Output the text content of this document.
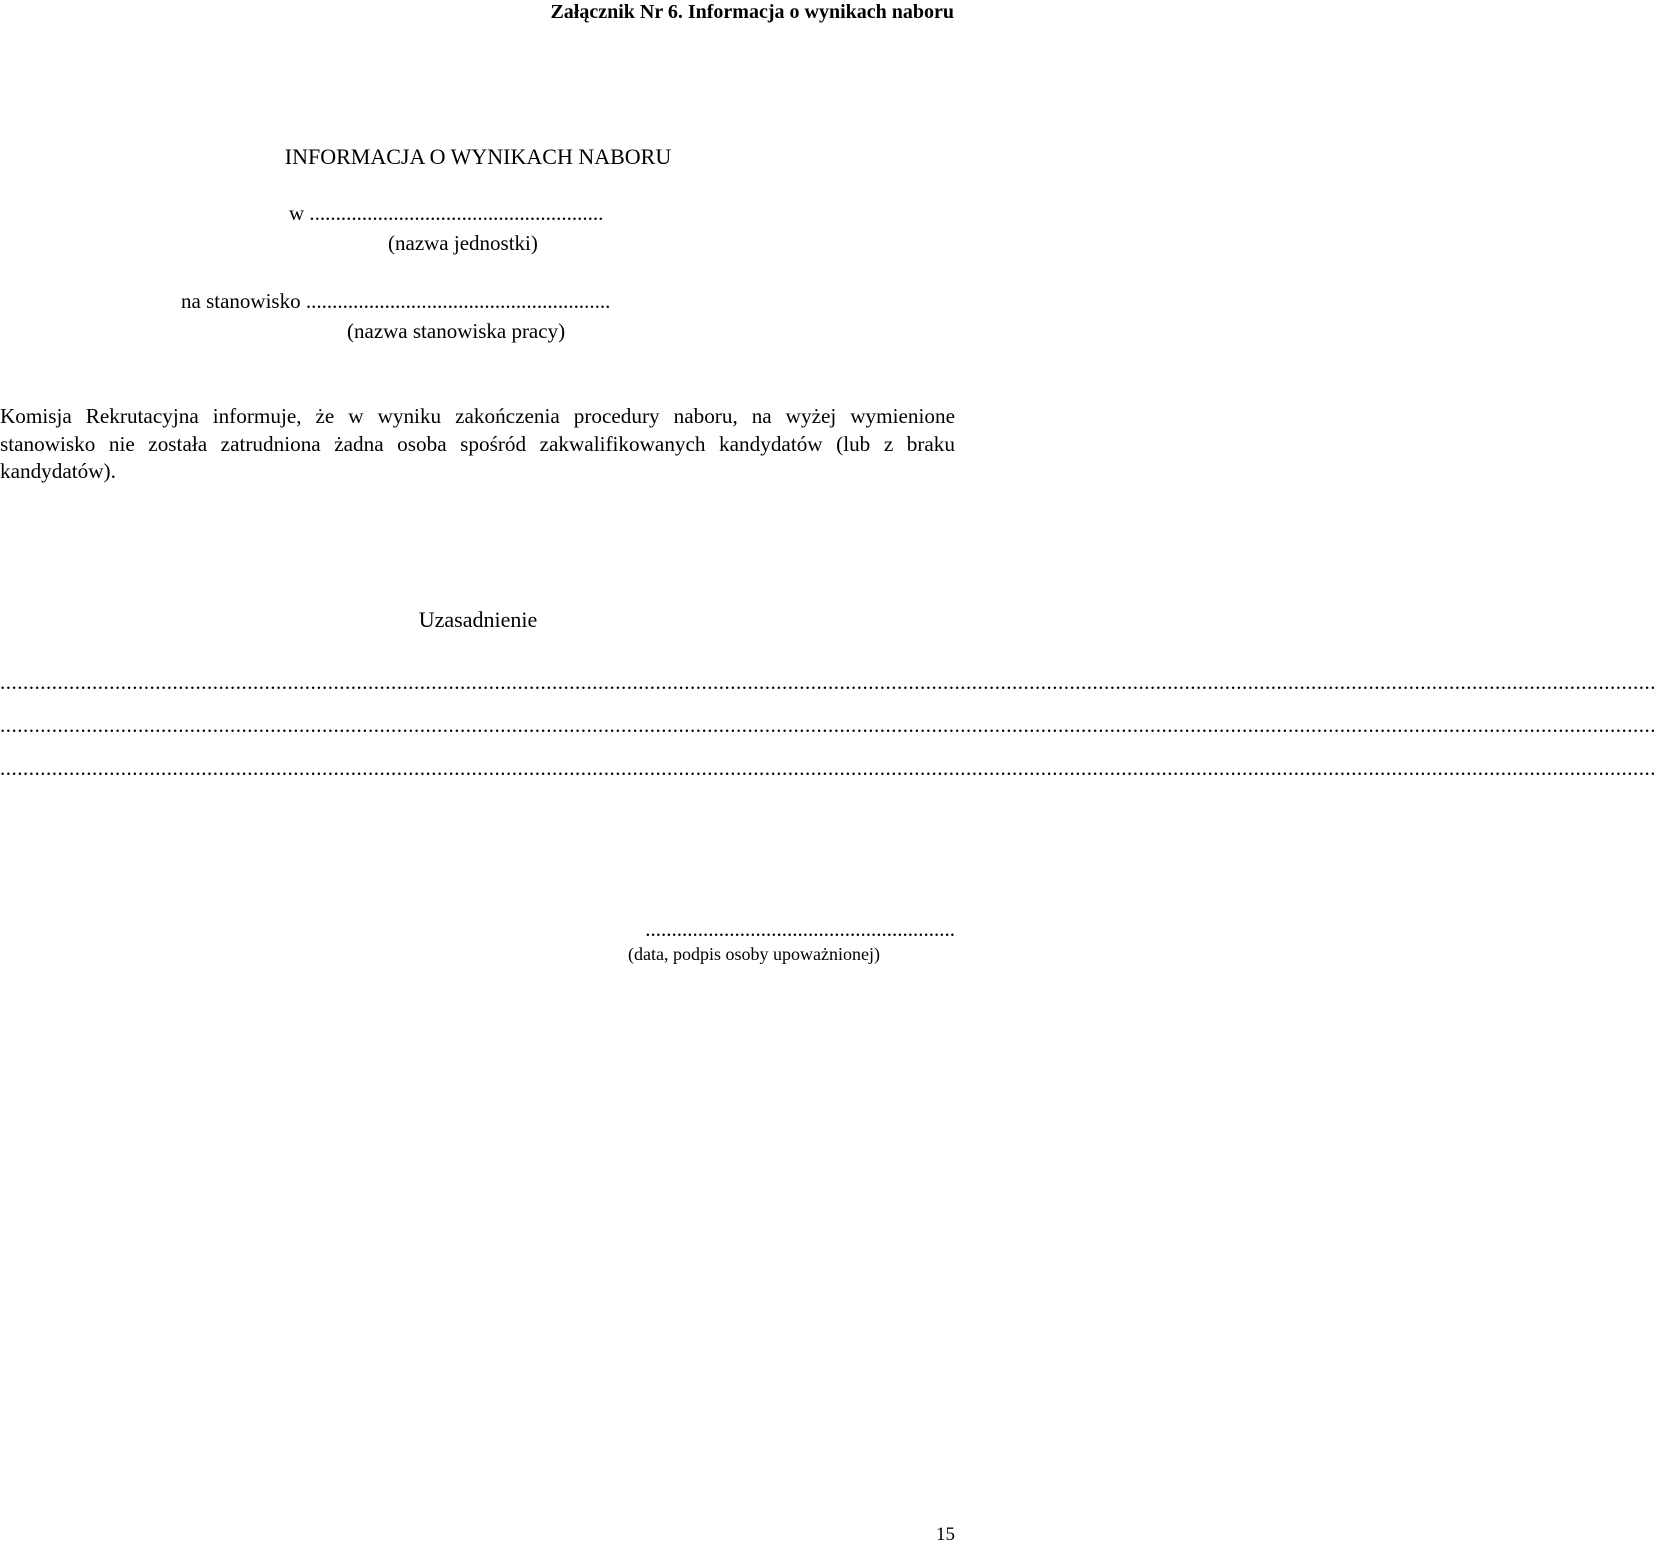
Załącznik Nr 6. Informacja o wynikach naboru
INFORMACJA O WYNIKACH NABORU
w ........................................................
(nazwa jednostki)
na stanowisko ..........................................................
(nazwa stanowiska pracy)
Komisja Rekrutacyjna informuje, że w wyniku zakończenia procedury naboru, na wyżej wymienione stanowisko nie została zatrudniona żadna osoba spośród zakwalifikowanych kandydatów (lub z braku kandydatów).
Uzasadnienie
................................................................................................................................................................................................................................................................................................
................................................................................................................................................................................................................................................................................................
................................................................................................................................................................................................................................................................................................
...........................................................
(data, podpis osoby upoważnionej)
15
